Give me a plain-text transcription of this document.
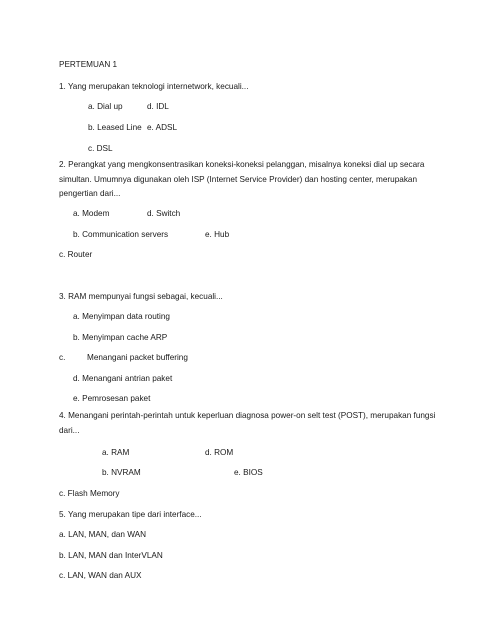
PERTEMUAN 1
1. Yang merupakan teknologi internetwork, kecuali...
a. Dial up	d. IDL
b. Leased Line e. ADSL
c. DSL
2. Perangkat yang mengkonsentrasikan koneksi-koneksi pelanggan, misalnya koneksi dial up secara simultan. Umumnya digunakan oleh ISP (Internet Service Provider) dan hosting center, merupakan pengertian dari...
a. Modem	d. Switch
b. Communication servers	e. Hub
c. Router
3. RAM mempunyai fungsi sebagai, kecuali...
a. Menyimpan data routing
b. Menyimpan cache ARP
c.	Menangani packet buffering
d. Menangani antrian paket
e. Pemrosesan paket
4. Menangani perintah-perintah untuk keperluan diagnosa power-on selt test (POST), merupakan fungsi dari...
a. RAM	d. ROM
b. NVRAM	e. BIOS
c. Flash Memory
5. Yang merupakan tipe dari interface...
a. LAN, MAN, dan WAN
b. LAN, MAN dan InterVLAN
c. LAN, WAN dan AUX
